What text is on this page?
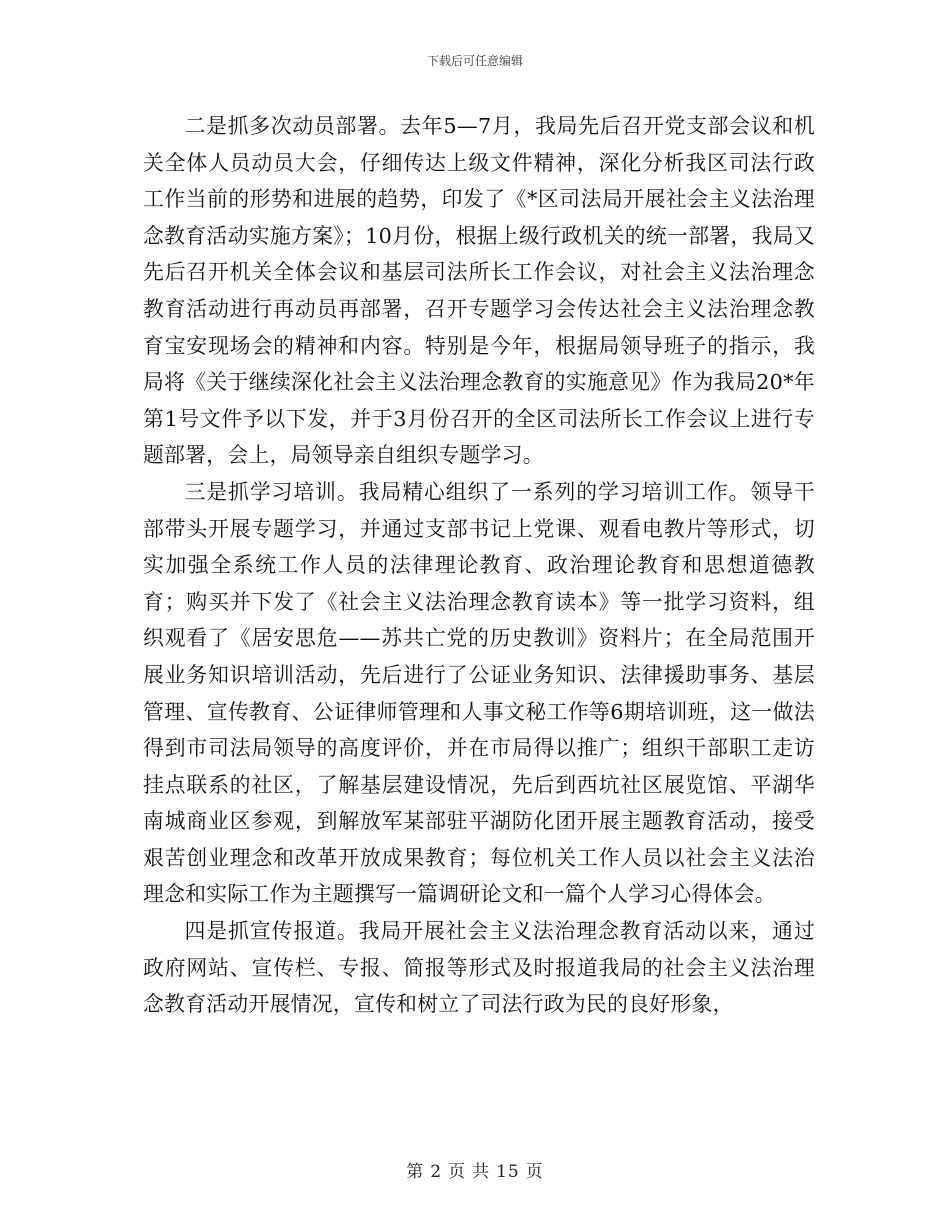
下载后可任意编辑

二是抓多次动员部署。去年5—7月，我局先后召开党支部会议和机关全体人员动员大会，仔细传达上级文件精神，深化分析我区司法行政工作当前的形势和进展的趋势，印发了《*区司法局开展社会主义法治理念教育活动实施方案》；10月份，根据上级行政机关的统一部署，我局又先后召开机关全体会议和基层司法所长工作会议，对社会主义法治理念教育活动进行再动员再部署，召开专题学习会传达社会主义法治理念教育宝安现场会的精神和内容。特别是今年，根据局领导班子的指示，我局将《关于继续深化社会主义法治理念教育的实施意见》作为我局20*年第1号文件予以下发，并于3月份召开的全区司法所长工作会议上进行专题部署，会上，局领导亲自组织专题学习。

三是抓学习培训。我局精心组织了一系列的学习培训工作。领导干部带头开展专题学习，并通过支部书记上党课、观看电教片等形式，切实加强全系统工作人员的法律理论教育、政治理论教育和思想道德教育；购买并下发了《社会主义法治理念教育读本》等一批学习资料，组织观看了《居安思危——苏共亡党的历史教训》资料片；在全局范围开展业务知识培训活动，先后进行了公证业务知识、法律援助事务、基层管理、宣传教育、公证律师管理和人事文秘工作等6期培训班，这一做法得到市司法局领导的高度评价，并在市局得以推广；组织干部职工走访挂点联系的社区，了解基层建设情况，先后到西坑社区展览馆、平湖华南城商业区参观，到解放军某部驻平湖防化团开展主题教育活动，接受艰苦创业理念和改革开放成果教育；每位机关工作人员以社会主义法治理念和实际工作为主题撰写一篇调研论文和一篇个人学习心得体会。

四是抓宣传报道。我局开展社会主义法治理念教育活动以来，通过政府网站、宣传栏、专报、简报等形式及时报道我局的社会主义法治理念教育活动开展情况，宣传和树立了司法行政为民的良好形象，

第 2 页 共 15 页
